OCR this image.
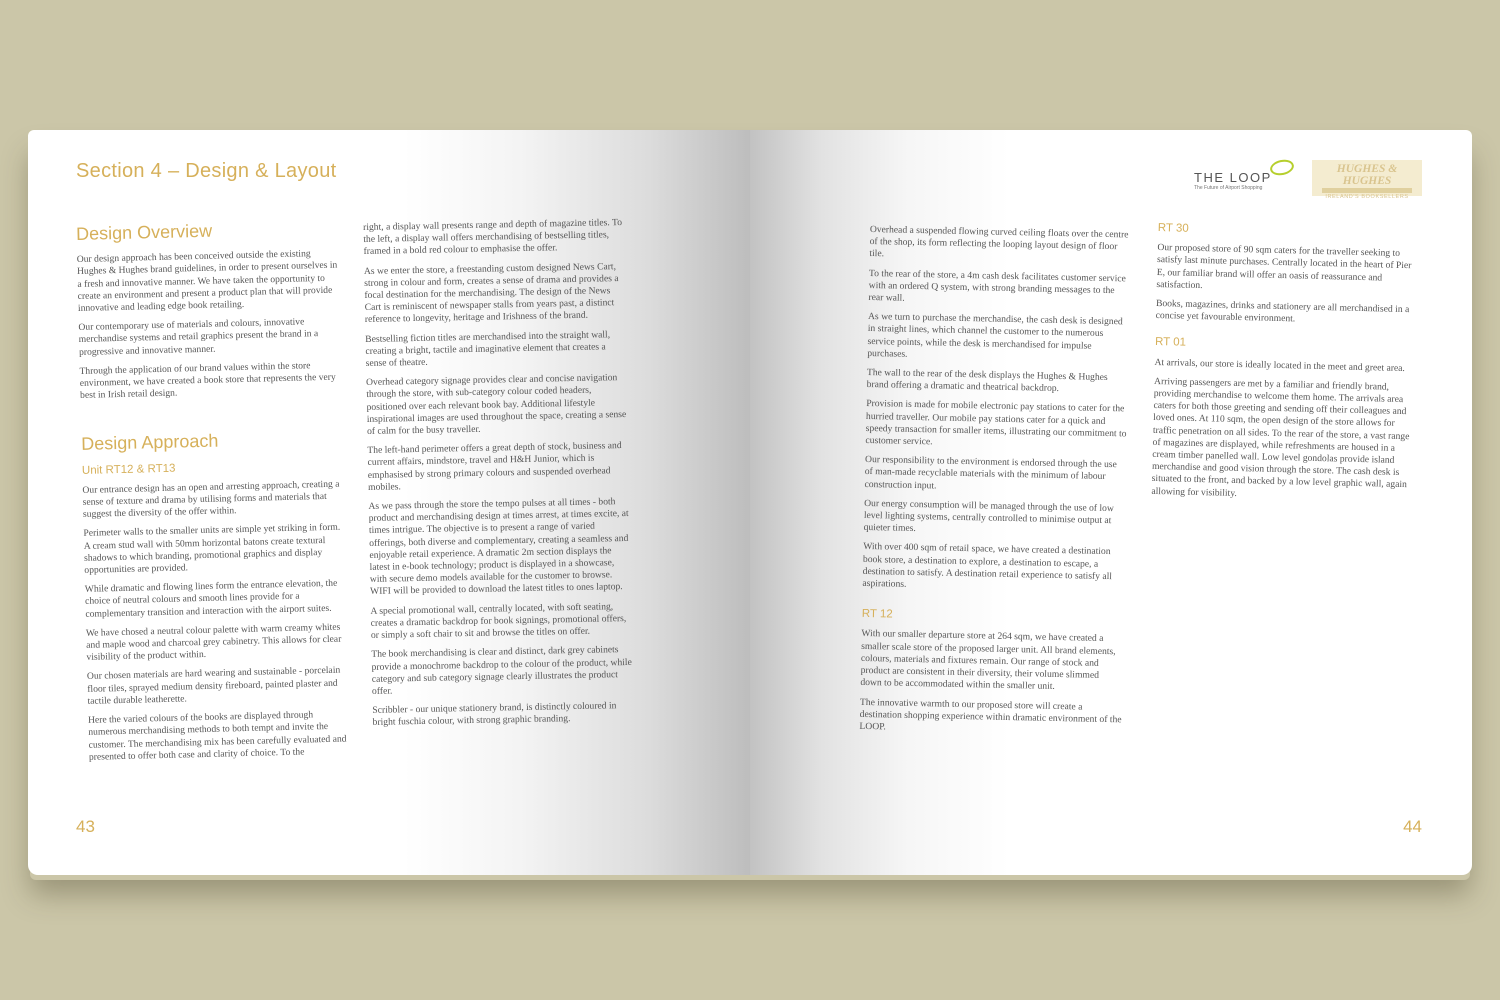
Section 4 – Design & Layout
Design Overview

Our design approach has been conceived outside the existing Hughes & Hughes brand guidelines, in order to present ourselves in a fresh and innovative manner. We have taken the opportunity to create an environment and present a product plan that will provide innovative and leading edge book retailing.

Our contemporary use of materials and colours, innovative merchandise systems and retail graphics present the brand in a progressive and innovative manner.

Through the application of our brand values within the store environment, we have created a book store that represents the very best in Irish retail design.

Design Approach
Unit RT12 & RT13

Our entrance design has an open and arresting approach, creating a sense of texture and drama by utilising forms and materials that suggest the diversity of the offer within.

Perimeter walls to the smaller units are simple yet striking in form. A cream stud wall with 50mm horizontal batons create textural shadows to which branding, promotional graphics and display opportunities are provided.

While dramatic and flowing lines form the entrance elevation, the choice of neutral colours and smooth lines provide for a complementary transition and interaction with the airport suites.

We have chosed a neutral colour palette with warm creamy whites and maple wood and charcoal grey cabinetry. This allows for clear visibility of the product within.

Our chosen materials are hard wearing and sustainable - porcelain floor tiles, sprayed medium density fireboard, painted plaster and tactile durable leatherette.

Here the varied colours of the books are displayed through numerous merchandising methods to both tempt and invite the customer. The merchandising mix has been carefully evaluated and presented to offer both case and clarity of choice. To the

right, a display wall presents range and depth of magazine titles. To the left, a display wall offers merchandising of bestselling titles, framed in a bold red colour to emphasise the offer.

As we enter the store, a freestanding custom designed News Cart, strong in colour and form, creates a sense of drama and provides a focal destination for the merchandising. The design of the News Cart is reminiscent of newspaper stalls from years past, a distinct reference to longevity, heritage and Irishness of the brand.

Bestselling fiction titles are merchandised into the straight wall, creating a bright, tactile and imaginative element that creates a sense of theatre.

Overhead category signage provides clear and concise navigation through the store, with sub-category colour coded headers, positioned over each relevant book bay. Additional lifestyle inspirational images are used throughout the space, creating a sense of calm for the busy traveller.

The left-hand perimeter offers a great depth of stock, business and current affairs, mindstore, travel and H&H Junior, which is emphasised by strong primary colours and suspended overhead mobiles.

As we pass through the store the tempo pulses at all times - both product and merchandising design at times arrest, at times excite, at times intrigue. The objective is to present a range of varied offerings, both diverse and complementary, creating a seamless and enjoyable retail experience. A dramatic 2m section displays the latest in e-book technology; product is displayed in a showcase, with secure demo models available for the customer to browse. WIFI will be provided to download the latest titles to ones laptop.

A special promotional wall, centrally located, with soft seating, creates a dramatic backdrop for book signings, promotional offers, or simply a soft chair to sit and browse the titles on offer.

The book merchandising is clear and distinct, dark grey cabinets provide a monochrome backdrop to the colour of the product, while category and sub category signage clearly illustrates the product offer.

Scribbler - our unique stationery brand, is distinctly coloured in bright fuschia colour, with strong graphic branding.

43
THE LOOP
The Future of Airport Shopping
HUGHES & HUGHES
IRELAND'S BOOKSELLERS

Overhead a suspended flowing curved ceiling floats over the centre of the shop, its form reflecting the looping layout design of floor tile.

To the rear of the store, a 4m cash desk facilitates customer service with an ordered Q system, with strong branding messages to the rear wall.

As we turn to purchase the merchandise, the cash desk is designed in straight lines, which channel the customer to the numerous service points, while the desk is merchandised for impulse purchases.

The wall to the rear of the desk displays the Hughes & Hughes brand offering a dramatic and theatrical backdrop.

Provision is made for mobile electronic pay stations to cater for the hurried traveller. Our mobile pay stations cater for a quick and speedy transaction for smaller items, illustrating our commitment to customer service.

Our responsibility to the environment is endorsed through the use of man-made recyclable materials with the minimum of labour construction input.

Our energy consumption will be managed through the use of low level lighting systems, centrally controlled to minimise output at quieter times.

With over 400 sqm of retail space, we have created a destination book store, a destination to explore, a destination to escape, a destination to satisfy. A destination retail experience to satisfy all aspirations.

RT 12

With our smaller departure store at 264 sqm, we have created a smaller scale store of the proposed larger unit. All brand elements, colours, materials and fixtures remain. Our range of stock and product are consistent in their diversity, their volume slimmed down to be accommodated within the smaller unit.

The innovative warmth to our proposed store will create a destination shopping experience within dramatic environment of the LOOP.

RT 30

Our proposed store of 90 sqm caters for the traveller seeking to satisfy last minute purchases. Centrally located in the heart of Pier E, our familiar brand will offer an oasis of reassurance and satisfaction.

Books, magazines, drinks and stationery are all merchandised in a concise yet favourable environment.

RT 01

At arrivals, our store is ideally located in the meet and greet area.

Arriving passengers are met by a familiar and friendly brand, providing merchandise to welcome them home. The arrivals area caters for both those greeting and sending off their colleagues and loved ones. At 110 sqm, the open design of the store allows for traffic penetration on all sides. To the rear of the store, a vast range of magazines are displayed, while refreshments are housed in a cream timber panelled wall. Low level gondolas provide island merchandise and good vision through the store. The cash desk is situated to the front, and backed by a low level graphic wall, again allowing for visibility.

44
